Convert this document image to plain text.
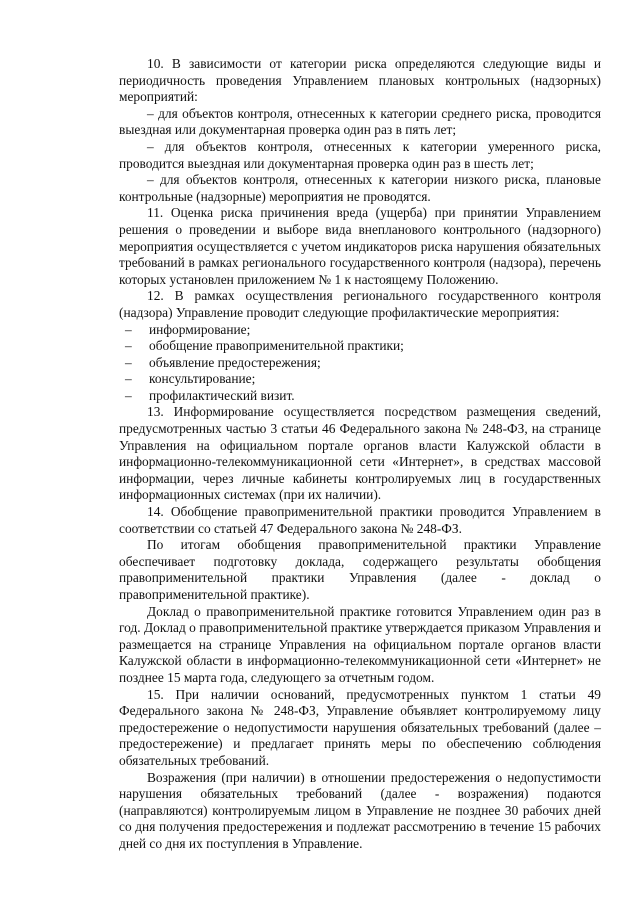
10. В зависимости от категории риска определяются следующие виды и периодичность проведения Управлением плановых контрольных (надзорных) мероприятий:

– для объектов контроля, отнесенных к категории среднего риска, проводится выездная или документарная проверка один раз в пять лет;

– для объектов контроля, отнесенных к категории умеренного риска, проводится выездная или документарная проверка один раз в шесть лет;

– для объектов контроля, отнесенных к категории низкого риска, плановые контрольные (надзорные) мероприятия не проводятся.

11. Оценка риска причинения вреда (ущерба) при принятии Управлением решения о проведении и выборе вида внепланового контрольного (надзорного) мероприятия осуществляется с учетом индикаторов риска нарушения обязательных требований в рамках регионального государственного контроля (надзора), перечень которых установлен приложением № 1 к настоящему Положению.

12. В рамках осуществления регионального государственного контроля (надзора) Управление проводит следующие профилактические мероприятия:

–	информирование;
–	обобщение правоприменительной практики;
–	объявление предостережения;
–	консультирование;
–	профилактический визит.

13. Информирование осуществляется посредством размещения сведений, предусмотренных частью 3 статьи 46 Федерального закона № 248-ФЗ, на странице Управления на официальном портале органов власти Калужской области в информационно-телекоммуникационной сети «Интернет», в средствах массовой информации, через личные кабинеты контролируемых лиц в государственных информационных системах (при их наличии).

14. Обобщение правоприменительной практики проводится Управлением в соответствии со статьей 47 Федерального закона № 248-ФЗ.

По итогам обобщения правоприменительной практики Управление обеспечивает подготовку доклада, содержащего результаты обобщения правоприменительной практики Управления (далее - доклад о правоприменительной практике).

Доклад о правоприменительной практике готовится Управлением один раз в год. Доклад о правоприменительной практике утверждается приказом Управления и размещается на странице Управления на официальном портале органов власти Калужской области в информационно-телекоммуникационной сети «Интернет» не позднее 15 марта года, следующего за отчетным годом.

15. При наличии оснований, предусмотренных пунктом 1 статьи 49 Федерального закона № 248-ФЗ, Управление объявляет контролируемому лицу предостережение о недопустимости нарушения обязательных требований (далее – предостережение) и предлагает принять меры по обеспечению соблюдения обязательных требований.

Возражения (при наличии) в отношении предостережения о недопустимости нарушения обязательных требований (далее - возражения) подаются (направляются) контролируемым лицом в Управление не позднее 30 рабочих дней со дня получения предостережения и подлежат рассмотрению в течение 15 рабочих дней со дня их поступления в Управление.
